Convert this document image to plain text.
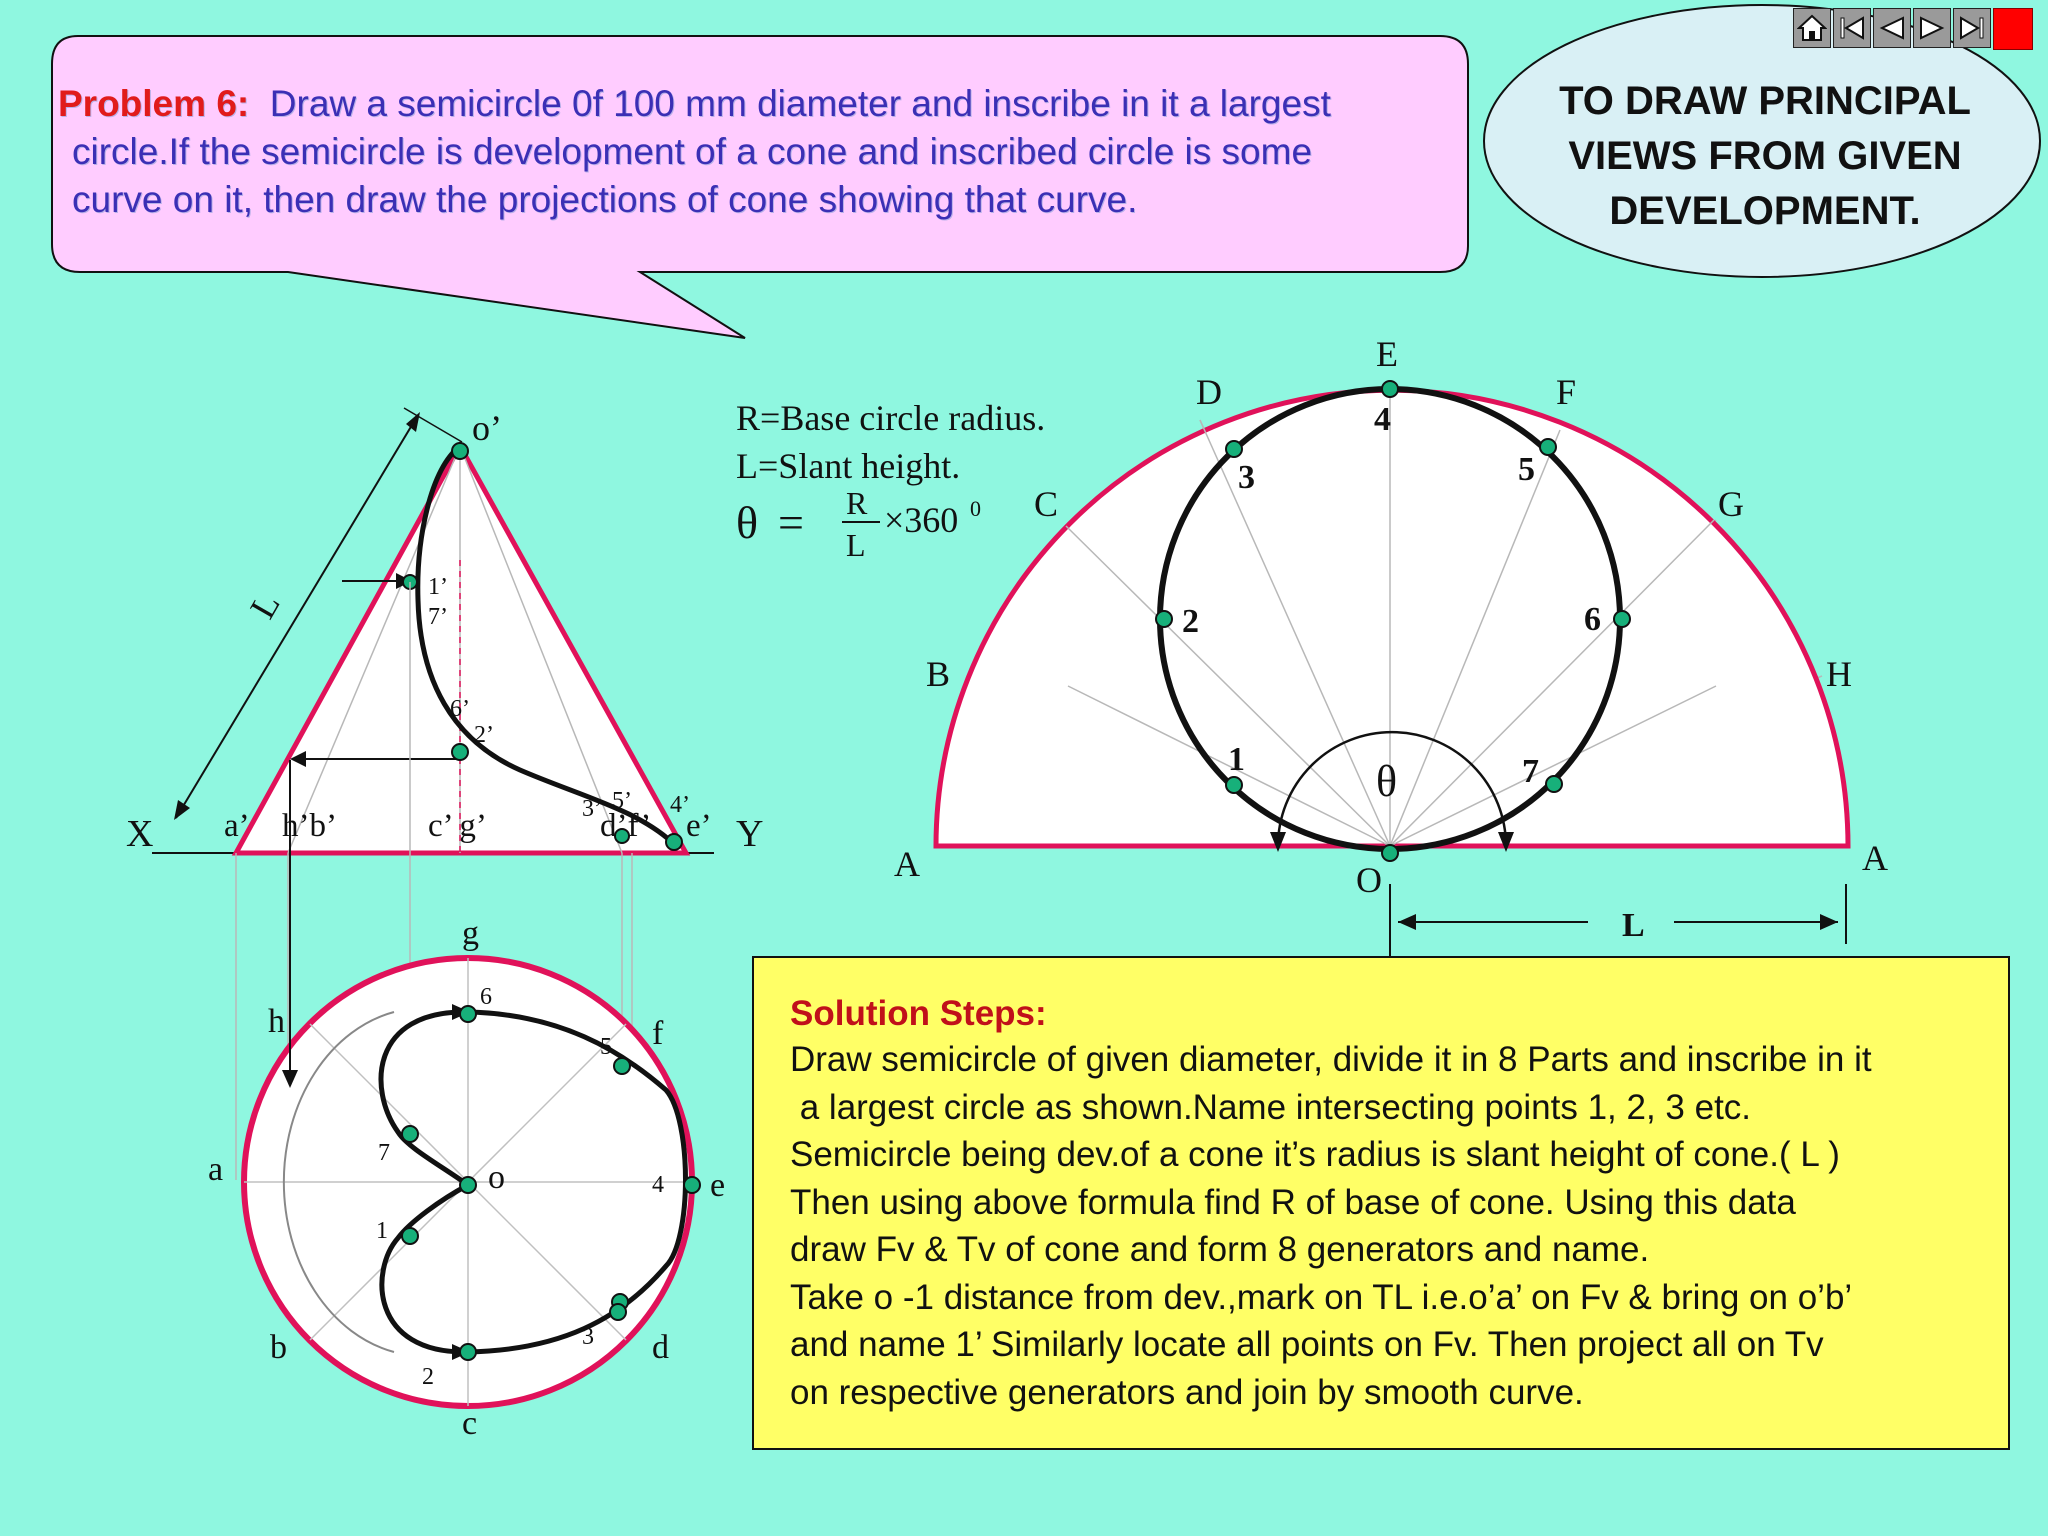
R=Base circle radius.
L=Slant height.
θ = R
L
×360 0
A
B
C
D
E
F
G
H
A
O
1
2
3
4
5
6
7
θ
L
o’
L
X	Y
a’ h’b’	c’ g’	d’f’ e’
3’ 5’ 4’
1’
7’
6’
2’
a
b
c
d
e
f
g
h
o
1
2
3
4
5
6
7
Problem 6: Draw a semicircle 0f 100 mm diameter and inscribe in it a largest
circle.If the semicircle is development of a cone and inscribed circle is some
curve on it, then draw the projections of cone showing that curve.
TO DRAW PRINCIPAL
VIEWS FROM GIVEN
DEVELOPMENT.
Solution Steps:
Draw semicircle of given diameter, divide it in 8 Parts and inscribe in it
a largest circle as shown.Name intersecting points 1, 2, 3 etc.
Semicircle being dev.of a cone it’s radius is slant height of cone.( L )
Then using above formula find R of base of cone. Using this data
draw Fv & Tv of cone and form 8 generators and name.
Take o -1 distance from dev.,mark on TL i.e.o’a’ on Fv & bring on o’b’
and name 1’ Similarly locate all points on Fv. Then project all on Tv
on respective generators and join by smooth curve.
